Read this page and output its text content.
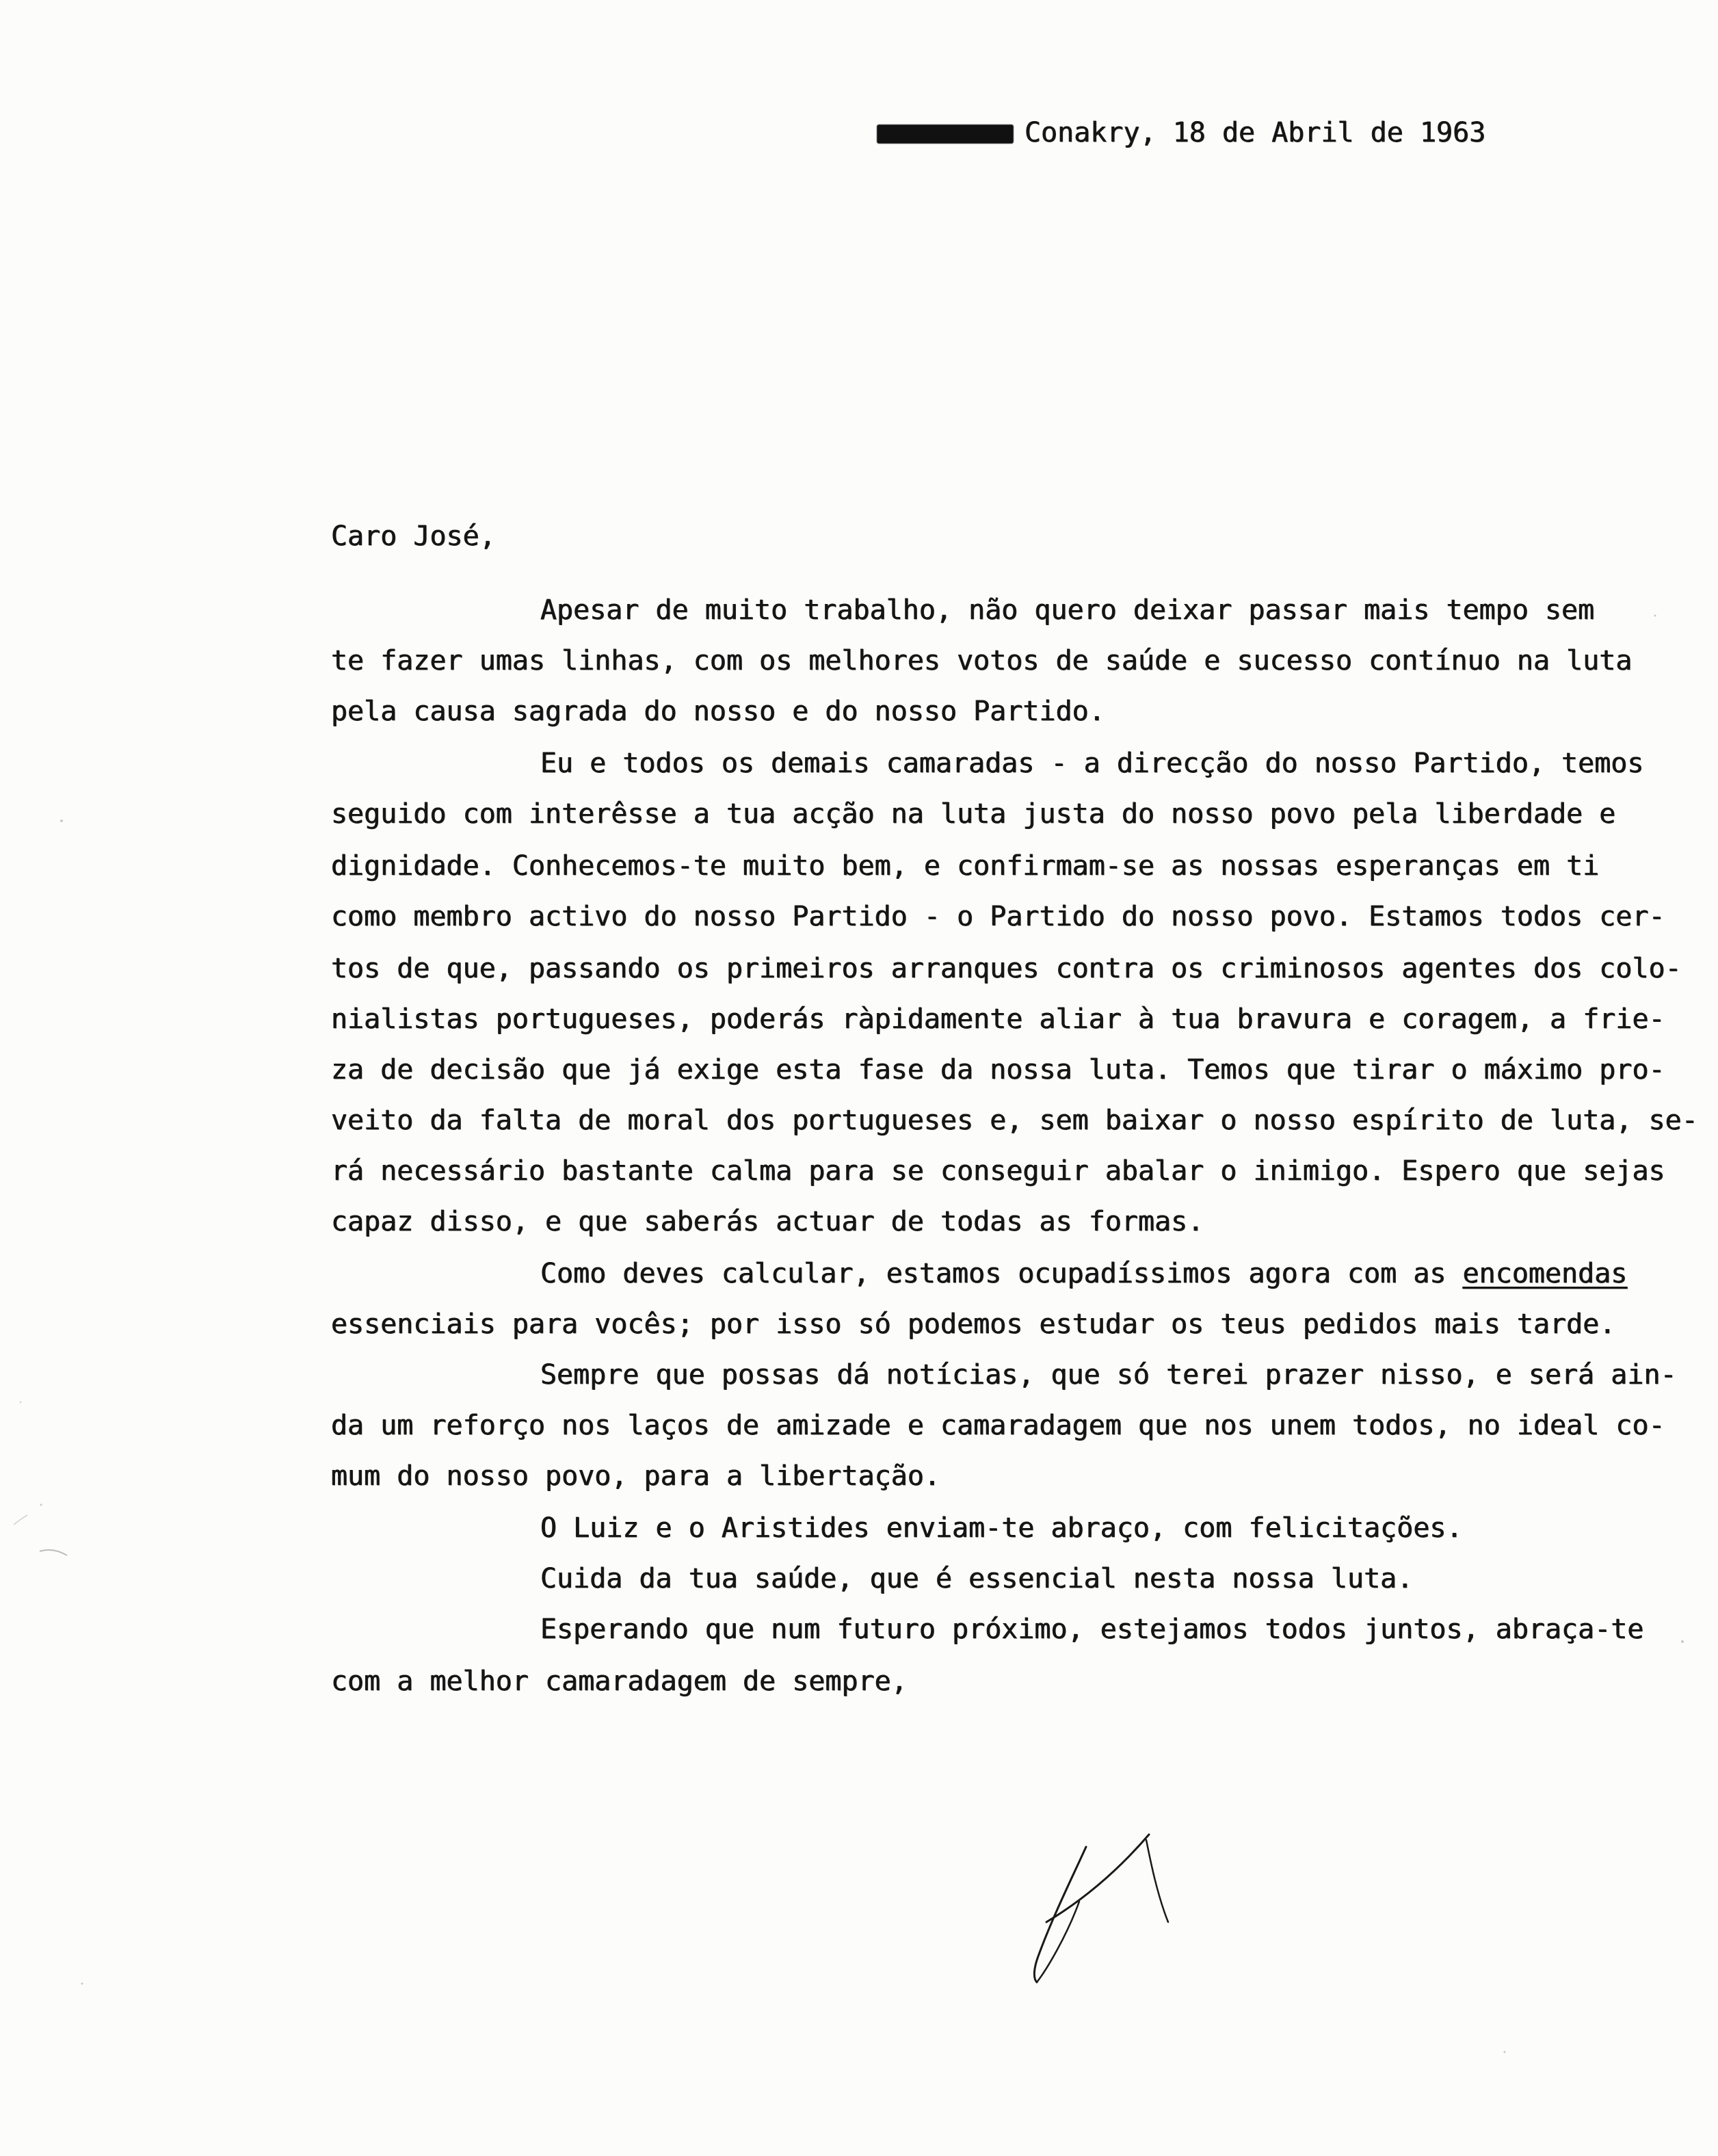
Conakry, 18 de Abril de 1963
Caro José,
Apesar de muito trabalho, não quero deixar passar mais tempo sem
te fazer umas linhas, com os melhores votos de saúde e sucesso contínuo na luta
pela causa sagrada do nosso e do nosso Partido.
Eu e todos os demais camaradas - a direcção do nosso Partido, temos
seguido com interêsse a tua acção na luta justa do nosso povo pela liberdade e
dignidade. Conhecemos-te muito bem, e confirmam-se as nossas esperanças em ti
como membro activo do nosso Partido - o Partido do nosso povo. Estamos todos cer-
tos de que, passando os primeiros arranques contra os criminosos agentes dos colo-
nialistas portugueses, poderás ràpidamente aliar à tua bravura e coragem, a frie-
za de decisão que já exige esta fase da nossa luta. Temos que tirar o máximo pro-
veito da falta de moral dos portugueses e, sem baixar o nosso espírito de luta, se-
rá necessário bastante calma para se conseguir abalar o inimigo. Espero que sejas
capaz disso, e que saberás actuar de todas as formas.
Como deves calcular, estamos ocupadíssimos agora com as encomendas
essenciais para vocês; por isso só podemos estudar os teus pedidos mais tarde.
Sempre que possas dá notícias, que só terei prazer nisso, e será ain-
da um reforço nos laços de amizade e camaradagem que nos unem todos, no ideal co-
mum do nosso povo, para a libertação.
O Luiz e o Aristides enviam-te abraço, com felicitações.
Cuida da tua saúde, que é essencial nesta nossa luta.
Esperando que num futuro próximo, estejamos todos juntos, abraça-te
com a melhor camaradagem de sempre,
